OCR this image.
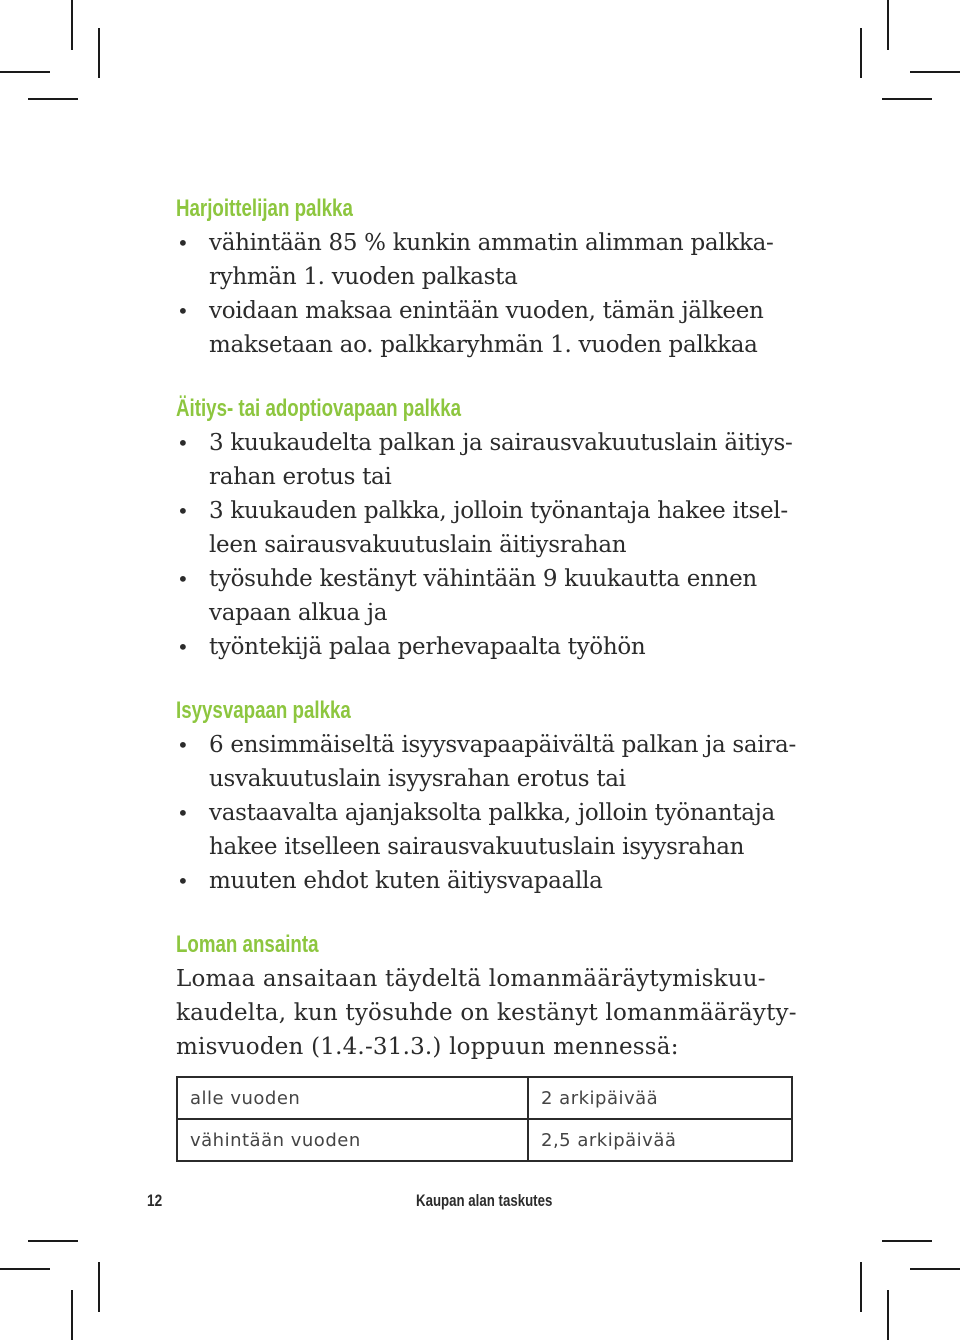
Harjoittelijan palkka
• vähintään 85 % kunkin ammatin alimman palkka-
ryhmän 1. vuoden palkasta
• voidaan maksaa enintään vuoden, tämän jälkeen
maksetaan ao. palkkaryhmän 1. vuoden palkkaa
Äitiys- tai adoptiovapaan palkka
• 3 kuukaudelta palkan ja sairausvakuutuslain äitiys-
rahan erotus tai
• 3 kuukauden palkka, jolloin työnantaja hakee itsel-
leen sairausvakuutuslain äitiysrahan
• työsuhde kestänyt vähintään 9 kuukautta ennen
vapaan alkua ja
• työntekijä palaa perhevapaalta työhön
Isyysvapaan palkka
• 6 ensimmäiseltä isyysvapaapäivältä palkan ja saira-
usvakuutuslain isyysrahan erotus tai
• vastaavalta ajanjaksolta palkka, jolloin työnantaja
hakee itselleen sairausvakuutuslain isyysrahan
• muuten ehdot kuten äitiysvapaalla
Loman ansainta
Lomaa ansaitaan täydeltä lomanmääräytymiskuu-
kaudelta, kun työsuhde on kestänyt lomanmääräyty-
misvuoden (1.4.-31.3.) loppuun mennessä:
alle vuoden	2 arkipäivää
vähintään vuoden	2,5 arkipäivää
12	Kaupan alan taskutes
